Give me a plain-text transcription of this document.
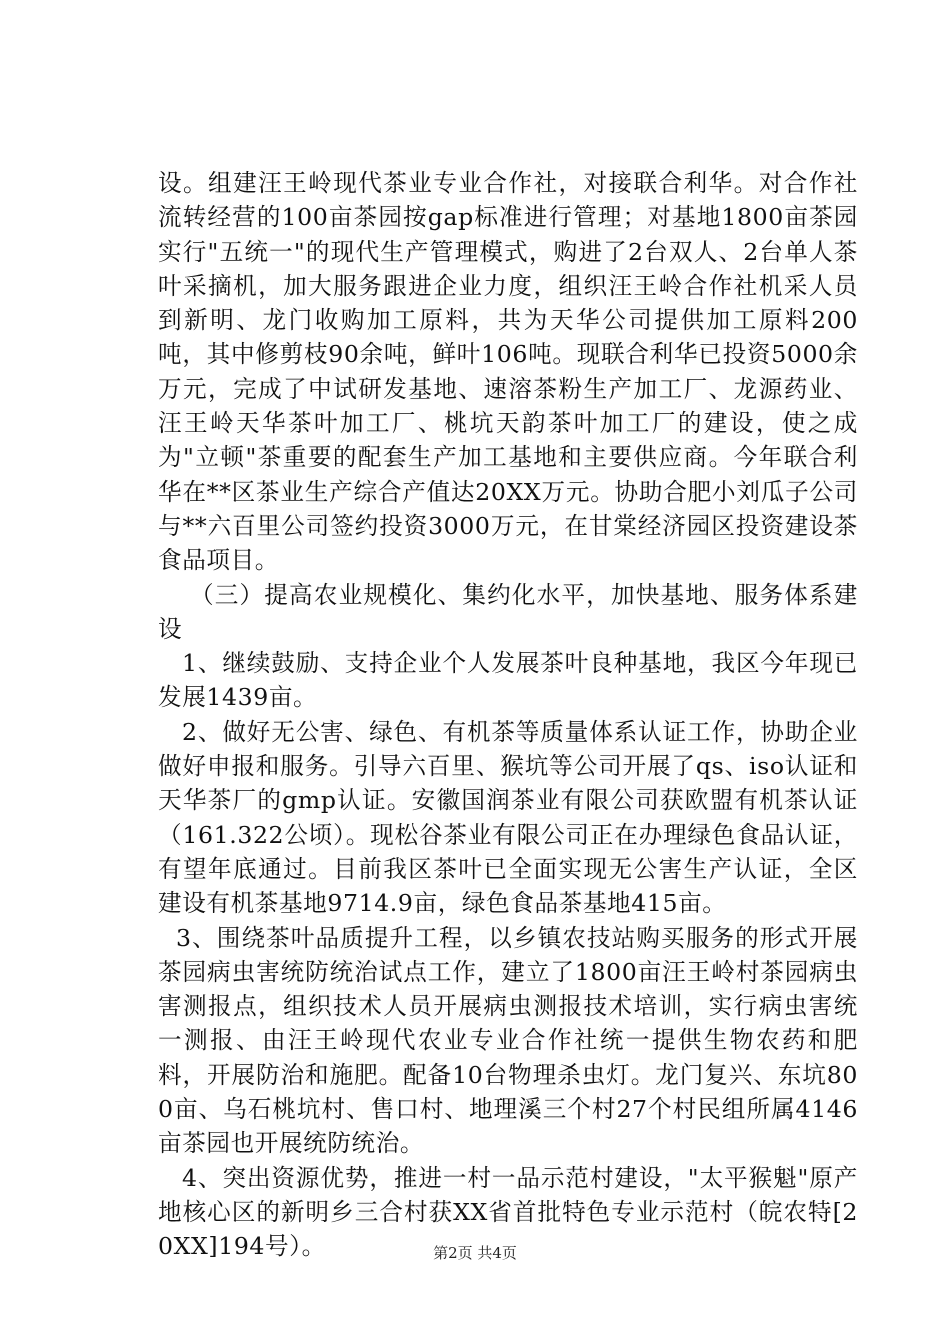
设。组建汪王岭现代茶业专业合作社，对接联合利华。对合作社流转经营的100亩茶园按gap标准进行管理；对基地1800亩茶园实行"五统一"的现代生产管理模式，购进了2台双人、2台单人茶叶采摘机，加大服务跟进企业力度，组织汪王岭合作社机采人员到新明、龙门收购加工原料，共为天华公司提供加工原料200吨，其中修剪枝90余吨，鲜叶106吨。现联合利华已投资5000余万元，完成了中试研发基地、速溶茶粉生产加工厂、龙源药业、汪王岭天华茶叶加工厂、桃坑天韵茶叶加工厂的建设，使之成为"立顿"茶重要的配套生产加工基地和主要供应商。今年联合利华在**区茶业生产综合产值达20XX万元。协助合肥小刘瓜子公司与**六百里公司签约投资3000万元，在甘棠经济园区投资建设茶食品项目。

（三）提高农业规模化、集约化水平，加快基地、服务体系建设

1、继续鼓励、支持企业个人发展茶叶良种基地，我区今年现已发展1439亩。

2、做好无公害、绿色、有机茶等质量体系认证工作，协助企业做好申报和服务。引导六百里、猴坑等公司开展了qs、iso认证和天华茶厂的gmp认证。安徽国润茶业有限公司获欧盟有机茶认证（161.322公顷）。现松谷茶业有限公司正在办理绿色食品认证，有望年底通过。目前我区茶叶已全面实现无公害生产认证，全区建设有机茶基地9714.9亩，绿色食品茶基地415亩。

3、围绕茶叶品质提升工程，以乡镇农技站购买服务的形式开展茶园病虫害统防统治试点工作，建立了1800亩汪王岭村茶园病虫害测报点，组织技术人员开展病虫测报技术培训，实行病虫害统一测报、由汪王岭现代农业专业合作社统一提供生物农药和肥料，开展防治和施肥。配备10台物理杀虫灯。龙门复兴、东坑800亩、乌石桃坑村、售口村、地理溪三个村27个村民组所属4146亩茶园也开展统防统治。

4、突出资源优势，推进一村一品示范村建设，"太平猴魁"原产地核心区的新明乡三合村获XX省首批特色专业示范村（皖农特[20XX]194号）。	第2页 共4页
